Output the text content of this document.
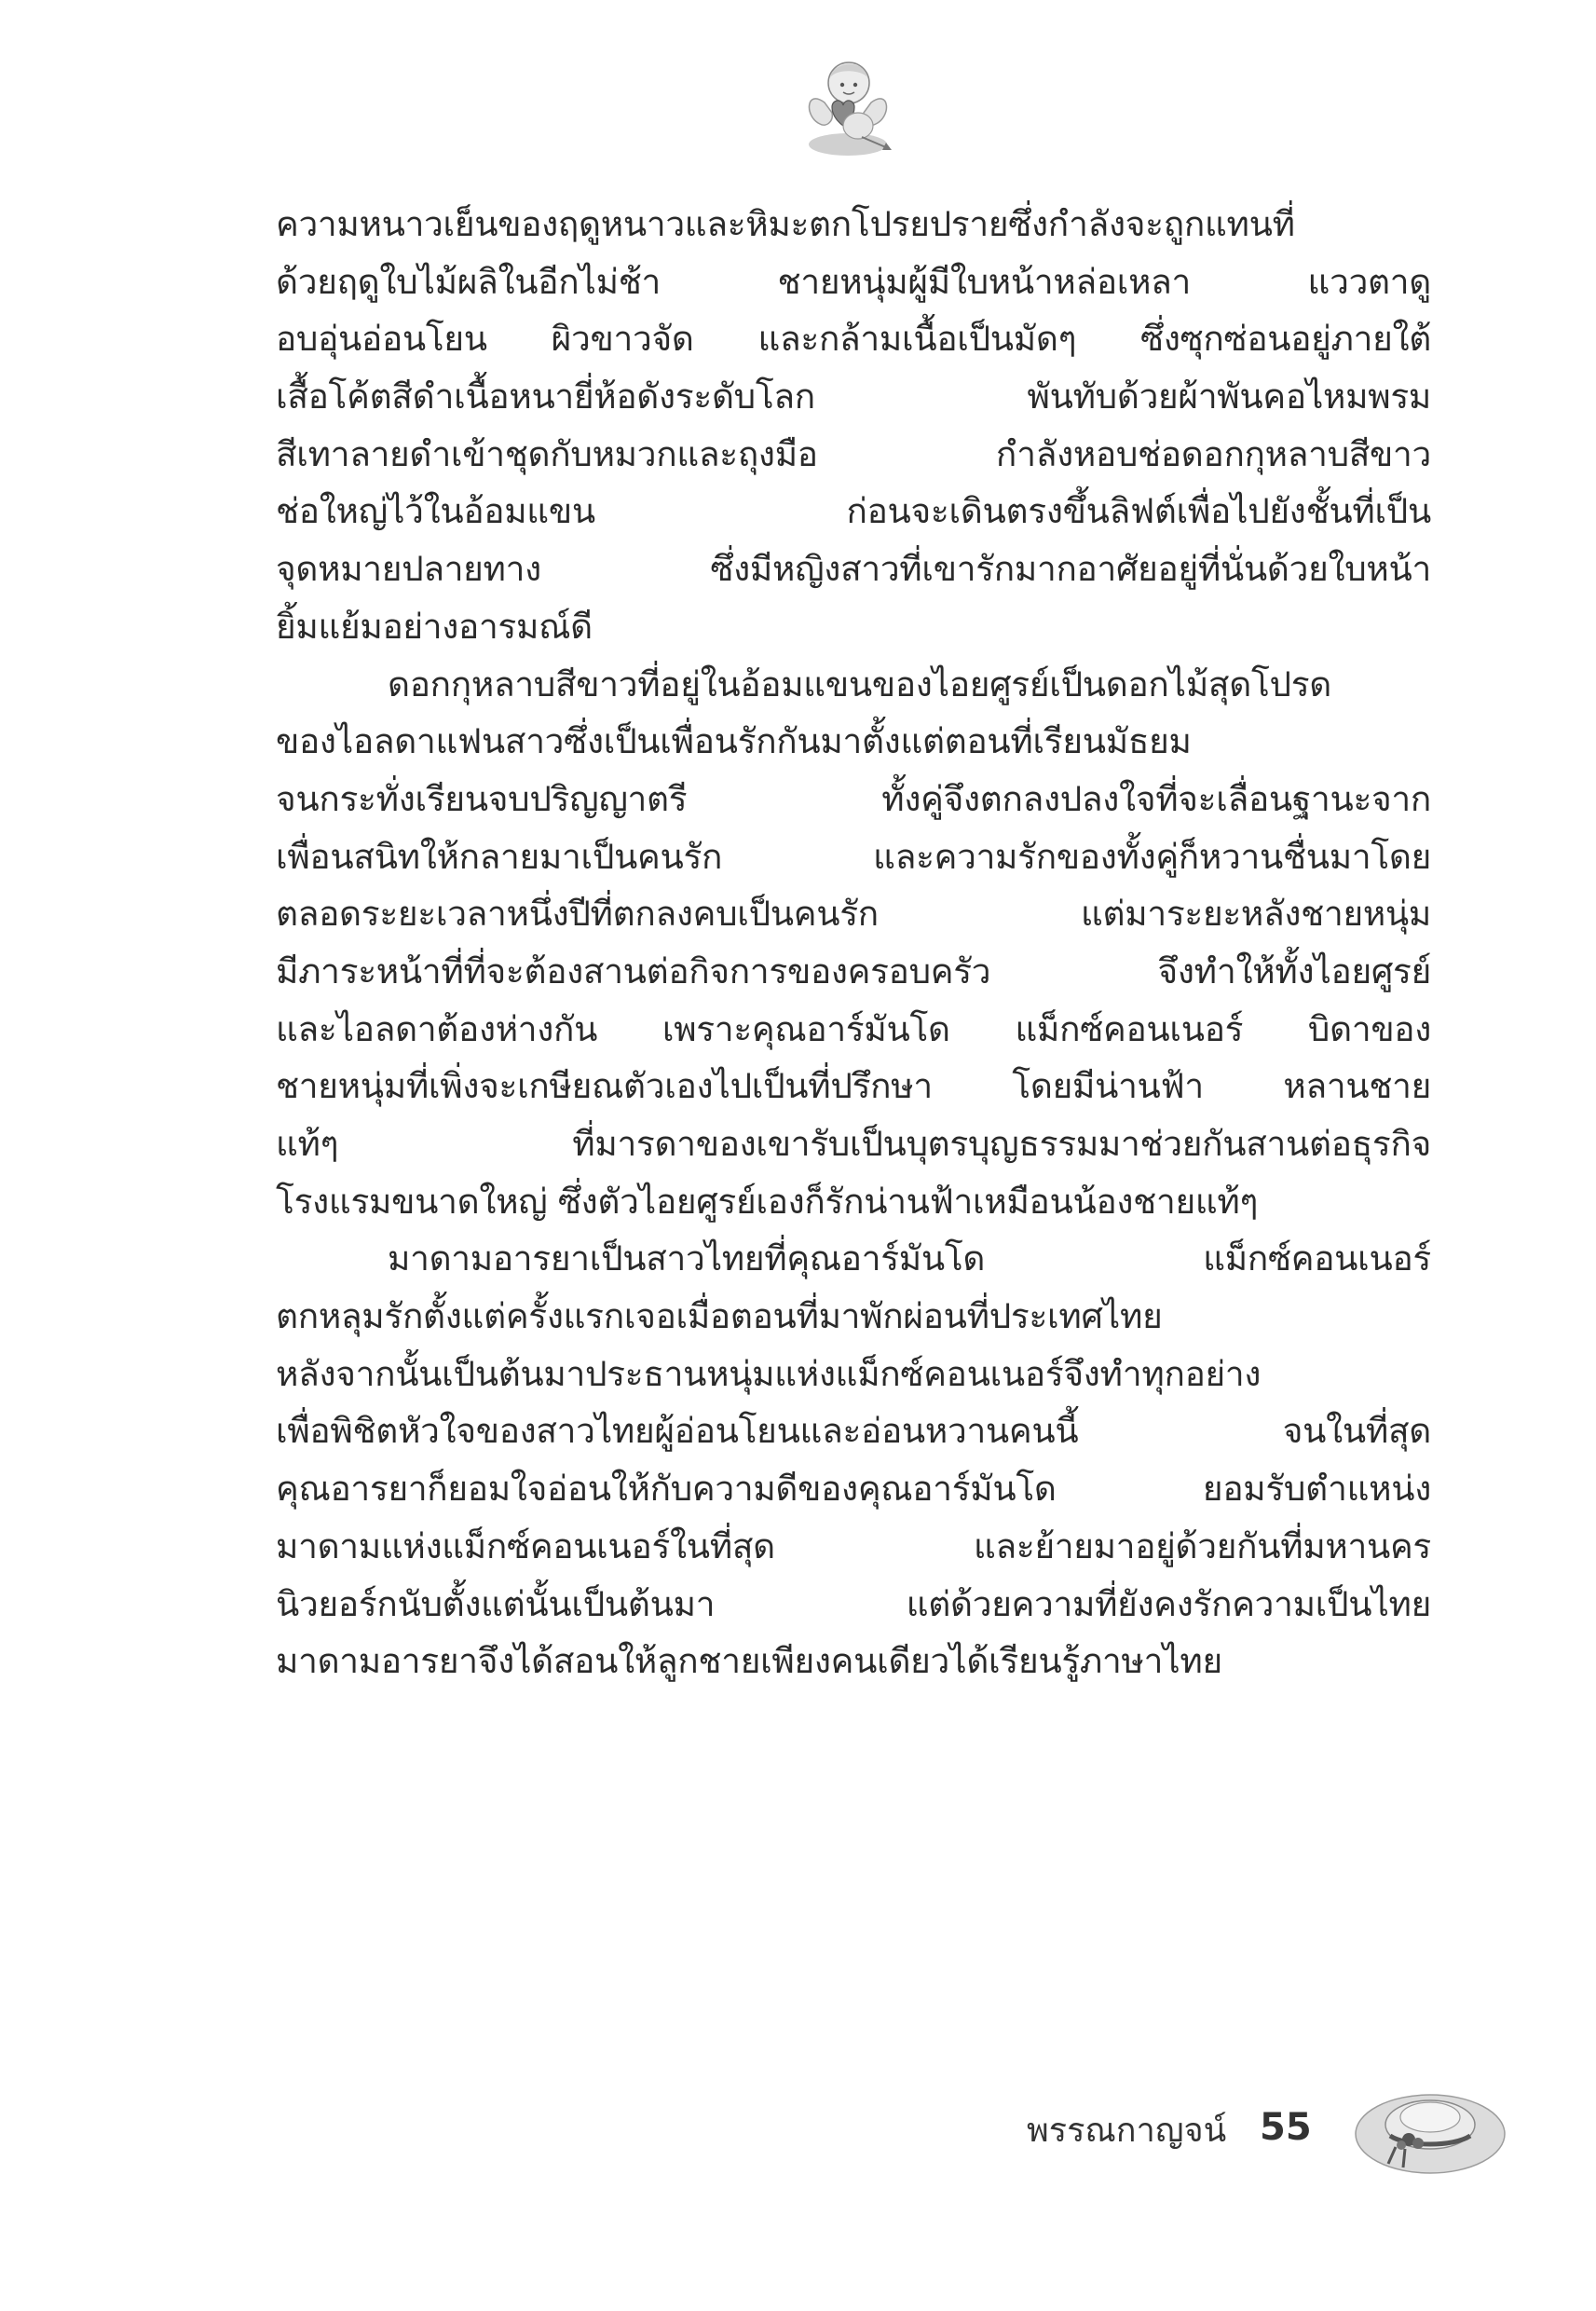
ความหนาวเย็นของฤดูหนาวและหิมะตกโปรยปรายซึ่งกำลังจะถูกแทนที่
ด้วยฤดูใบไม้ผลิในอีกไม่ช้า ชายหนุ่มผู้มีใบหน้าหล่อเหลา แววตาดู
อบอุ่นอ่อนโยน ผิวขาวจัด และกล้ามเนื้อเป็นมัดๆ ซึ่งซุกซ่อนอยู่ภายใต้
เสื้อโค้ตสีดำเนื้อหนายี่ห้อดังระดับโลก พันทับด้วยผ้าพันคอไหมพรม
สีเทาลายดำเข้าชุดกับหมวกและถุงมือ กำลังหอบช่อดอกกุหลาบสีขาว
ช่อใหญ่ไว้ในอ้อมแขน ก่อนจะเดินตรงขึ้นลิฟต์เพื่อไปยังชั้นที่เป็น
จุดหมายปลายทาง ซึ่งมีหญิงสาวที่เขารักมากอาศัยอยู่ที่นั่นด้วยใบหน้า
ยิ้มแย้มอย่างอารมณ์ดี
ดอกกุหลาบสีขาวที่อยู่ในอ้อมแขนของไอยศูรย์เป็นดอกไม้สุดโปรด
ของไอลดาแฟนสาวซึ่งเป็นเพื่อนรักกันมาตั้งแต่ตอนที่เรียนมัธยม
จนกระทั่งเรียนจบปริญญาตรี ทั้งคู่จึงตกลงปลงใจที่จะเลื่อนฐานะจาก
เพื่อนสนิทให้กลายมาเป็นคนรัก และความรักของทั้งคู่ก็หวานชื่นมาโดย
ตลอดระยะเวลาหนึ่งปีที่ตกลงคบเป็นคนรัก แต่มาระยะหลังชายหนุ่ม
มีภาระหน้าที่ที่จะต้องสานต่อกิจการของครอบครัว จึงทำให้ทั้งไอยศูรย์
และไอลดาต้องห่างกัน เพราะคุณอาร์มันโด แม็กซ์คอนเนอร์ บิดาของ
ชายหนุ่มที่เพิ่งจะเกษียณตัวเองไปเป็นที่ปรึกษา โดยมีน่านฟ้า หลานชาย
แท้ๆ ที่มารดาของเขารับเป็นบุตรบุญธรรมมาช่วยกันสานต่อธุรกิจ
โรงแรมขนาดใหญ่ ซึ่งตัวไอยศูรย์เองก็รักน่านฟ้าเหมือนน้องชายแท้ๆ
มาดามอารยาเป็นสาวไทยที่คุณอาร์มันโด แม็กซ์คอนเนอร์
ตกหลุมรักตั้งแต่ครั้งแรกเจอเมื่อตอนที่มาพักผ่อนที่ประเทศไทย
หลังจากนั้นเป็นต้นมาประธานหนุ่มแห่งแม็กซ์คอนเนอร์จึงทำทุกอย่าง
เพื่อพิชิตหัวใจของสาวไทยผู้อ่อนโยนและอ่อนหวานคนนี้ จนในที่สุด
คุณอารยาก็ยอมใจอ่อนให้กับความดีของคุณอาร์มันโด ยอมรับตำแหน่ง
มาดามแห่งแม็กซ์คอนเนอร์ในที่สุด และย้ายมาอยู่ด้วยกันที่มหานคร
นิวยอร์กนับตั้งแต่นั้นเป็นต้นมา แต่ด้วยความที่ยังคงรักความเป็นไทย
มาดามอารยาจึงได้สอนให้ลูกชายเพียงคนเดียวได้เรียนรู้ภาษาไทย
พรรณกาญจน์ 55
